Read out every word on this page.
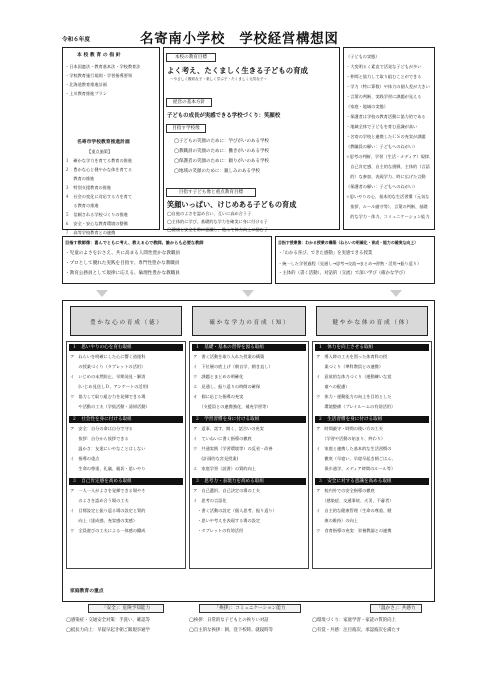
令和６年度	名寄南小学校　学校経営構想図
本 校 教 育 の 指 針
・日本国憲法・教育基本法・学校教育法
・学校教育施行規則・学習指導要領
・北海道教育推進計画
・上川教育推進プラン
名寄市学校教育推進計画
【重点施策】
１　確かな学力を育てる教育の推進
２　豊かな心と健やかな体を育てる
　　教育の推進
３　特別支援教育の推進
４　社会の変化に対応する力を育て
　　る教育の推進
５　信頼される学校づくりの推進
６　安全・安心な教育環境の整備
７　高等学校教育との連携
本校の教育目標
よく考え、たくましく生きる子どもの育成
～やさしく親切な子・楽しく学ぶ子・たくましく元気な子～
経営の基本方針
子どもの成長が実感できる学校づくり：笑顔校
目指す学校像
◯子どもの笑顔のために：学びがいのある学校
◯教職員の笑顔のために：働きがいのある学校
◯保護者の笑顔のために：頼りがいのある学校
◯地域の笑顔のために：親しみのある学校
目指す子ども像と重点教育目標
笑顔いっぱい、けじめある子どもの育成
◯自他のよさを認め合い、互いに高め合う子
◯主体的に学び、基礎的な学力を確実に身に付ける子
◯健康と安全を常に意識し、進んで体力向上に励む子
（子どもの実態）
・大変明るく素直で活発な子どもが多い
・仲間と協力して取り組むことができる
・学力（特に算数）や体力の個人差が大きい
・言葉の判断、実践学習に課題が見える
（家庭・地域の実態）
・保護者は学校の教育活動に協力的である
・地域全体で子どもを育む意識が高い
・名寄の学校と連携したＣＳの充実が課題
（教職員の願い：子どもへのねがい）
☆思考の判断、学習（生活・メディア）規律、
　自己肯定感、自主的な挑戦、主体的（言語
　的）な参加、表現学力、時に広げた言動
（保護者の願い：子どもへのねがい）
☆思いやりの心、基本的な生活習慣（元気な
　挨拶、ルール厳守等）、言葉の判断、基礎
　的な学力・体力、コミュニケーション能力
目指す教師像：喜んでともに考え、教える心で教師。誰からも必要な教師
・児童のよさをおさえ、共に高まる人間性豊かな教職員
・プロとして優れた実践を目指す、専門性豊かな教職員
・教育公務員として規律に応える、倫理性豊かな教職員
目指す授業像：わかる授業の構築（ねらいの明確化・育成・能力の確実な向上）
・「わかる喜び、できた感動」を実感できる授業
・統一した学習過程（見通し→思考→交流→まとめ→習熟・活用→振り返り）
・主体的（書く活動）、対話的（交流）で深い学び（確かな学び）
豊 か な 心 の 育 成 （ 徳 ）
１　思いやりの心を育む取組
ア　ねらいを明確にした心に響く道徳科
　　の授業づくり（タブレットの活用）
イ　いじめの未然防止、早期発見・解消
　　(いじめ見送しＤ、アンケートの活用)
ウ　協力して取り組む力を発揮できる場
　　や活動の工夫（学級活動・清掃活動）
２　社会性を身に付ける取組
ア　安全：自分の命は自分で守る
　　挨拶：自分から挨拶できる
　　温かさ：友達にいやなことはしない
イ　指導の重点
　　生命の尊重、礼儀、親切・思いやり
３　自己肯定感を高める取組
ア　一人一人がよさを発揮できる場やそ
　　のよさを認め合う場の工夫
イ　目標設定と振り返る場の設定と質的
　　向上（達成感、充実感の実感）
ウ　全員遊びの工夫による一体感の醸成
確 か な 学 力 の 育 成 （ 知 ）
１　基礎・基本の習得を図る取組
ア　書く活動を取り入れた授業の構築
イ　下位層の底上げ（朝自学、朝き直し）
ウ　課題とまとめの明確化
エ　見通し、振り返りの時間の確保
オ　個に応じた指導の充実
　　（支援員との連携強化、補充学習等）
２　学習習慣を身に付ける取組
ア　返事、話す、聞く、話合いの充実
イ　ていねいに書く指導の徹底
ウ　共通実践（学習環境等）の反省・改善
　　(計画的な宮見授業)
エ　家庭学習（読書）の質的向上
３　思考力・表現力を高める取組
ア　自己選択、自己決定の場の工夫
イ　思考の言語化
　・書く活動の設定（個人思考、振り返り）
　・思いや考えを表現する場の設定
　・タブレットの有効活用
健 や か な 体 の 育 成 （ 体 ）
１　体力を向上させる取組
ア　導入時の工夫を図った体育科の授
　　業づくり（準科教員との連携）
イ　意欲的な体力づくり（運動練いな覚
　　童への配慮）
ウ　体力・運動能力の向上を目的とした
　　環境整備（プレイルームの有効活用）
２　生活習慣を身に付ける取組
ア　時間厳守・時間の使い方の工夫
　　（学習や活動の始まり、終わり）
イ　家庭と連携した基本的な生活習慣の
　　徹底（早寝い、早寝早起き朝ごはん、
　　保歩通学、メディア時間のルール等）
３　安全に対する意識を高める取組
ア　校内外での安全指導の徹底
　　（感染症、交通事故、火災、不審者）
イ　自主的な健康管理（生命の尊重、健
　　康の維持）の向上
ウ　食育指導の充実：栄養教諭との連携
家庭教育の重点
「安全」：危険予知能力
◯感染症・交通安全対策：手洗い、確認等
◯抵抗力向上：早寝早起き朝ご飯規歩通学
「挨拶」：コミュニケーション能力
◯挨拶：日常的な子どもとの挨りい対話
◯自主的な挨拶：朝、登下校時、就寝時等
「温かさ」：共感力
◯環境づくり：家庭学習・家読の質的向上
◯有覚・共感：注目彼次、承認彼次を満たす
